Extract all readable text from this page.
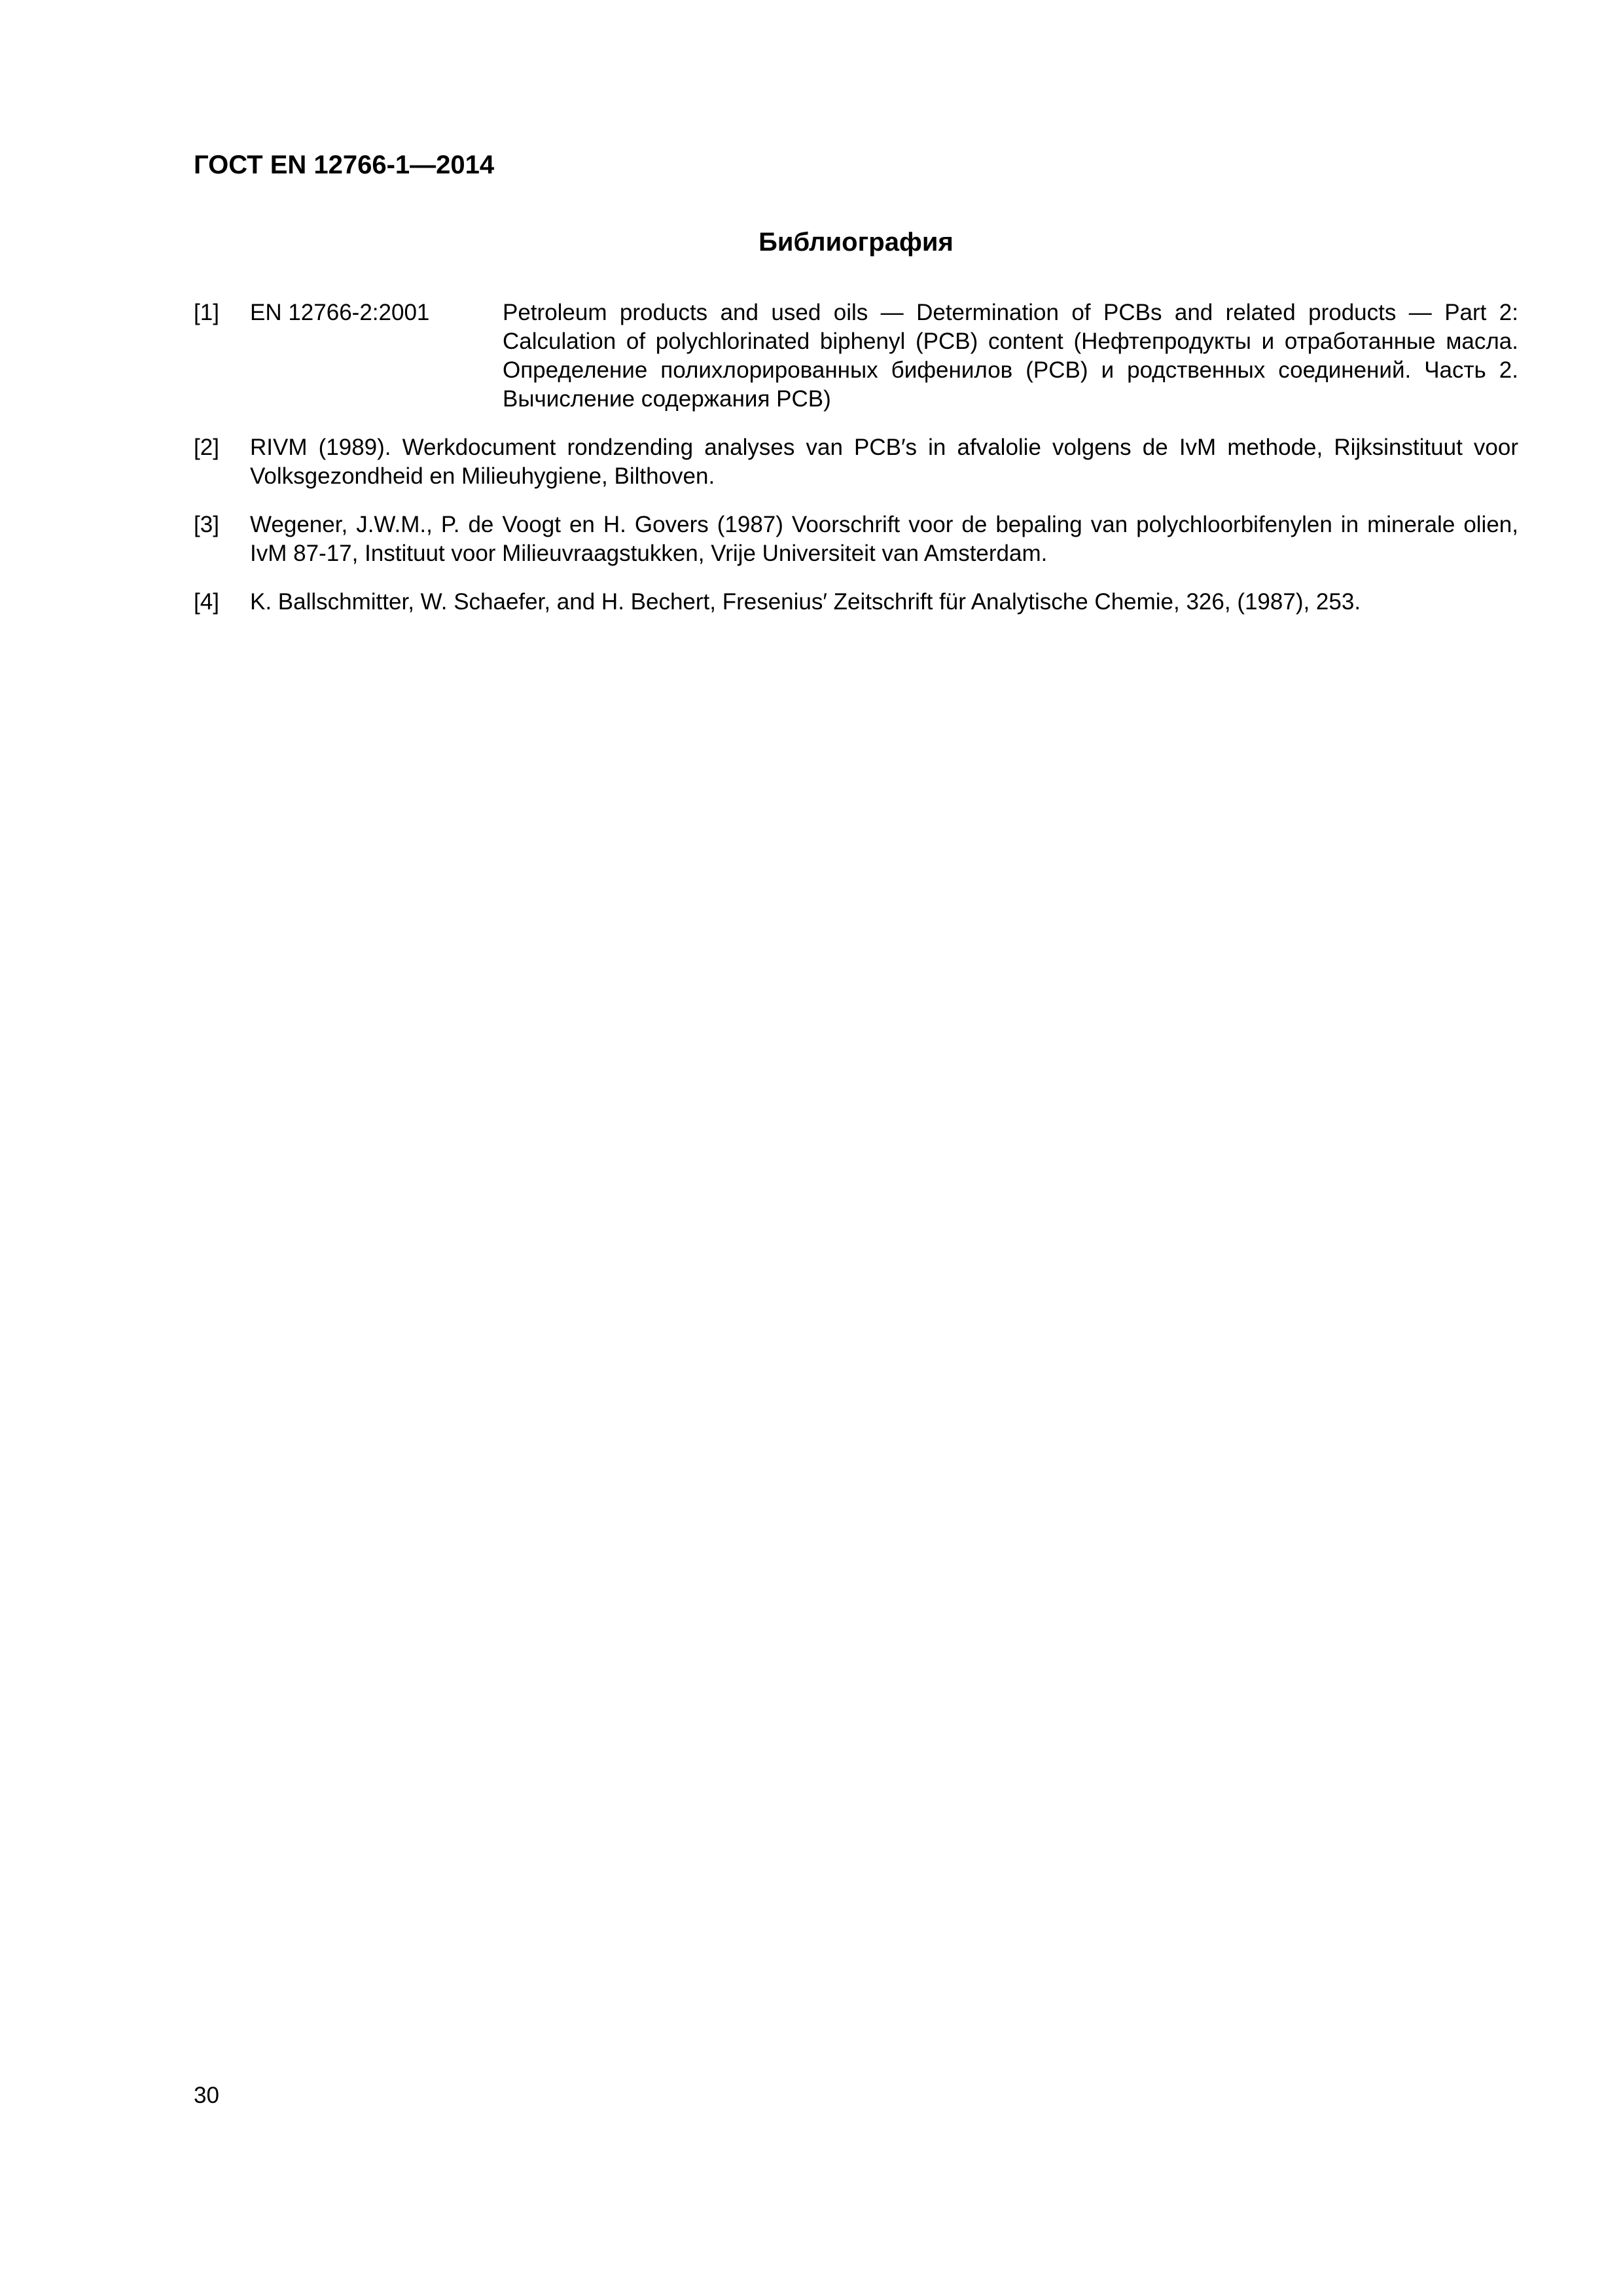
ГОСТ EN 12766-1—2014
Библиография
[1] EN 12766-2:2001	Petroleum products and used oils — Determination of PCBs and related products — Part 2: Calculation of polychlorinated biphenyl (PCB) content (Нефтепродукты и отработанные масла. Определение полихлорированных бифенилов (PCB) и родственных соединений. Часть 2. Вычисление содержания PCB)
[2] RIVM (1989). Werkdocument rondzending analyses van PCB′s in afvalolie volgens de IvM methode, Rijksinstituut voor Volksgezondheid en Milieuhygiene, Bilthoven.
[3] Wegener, J.W.M., P. de Voogt en H. Govers (1987) Voorschrift voor de bepaling van polychloorbifenylen in minerale olien, IvM 87-17, Instituut voor Milieuvraagstukken, Vrije Universiteit van Amsterdam.
[4] K. Ballschmitter, W. Schaefer, and H. Bechert, Fresenius′ Zeitschrift für Analytische Chemie, 326, (1987), 253.
30
